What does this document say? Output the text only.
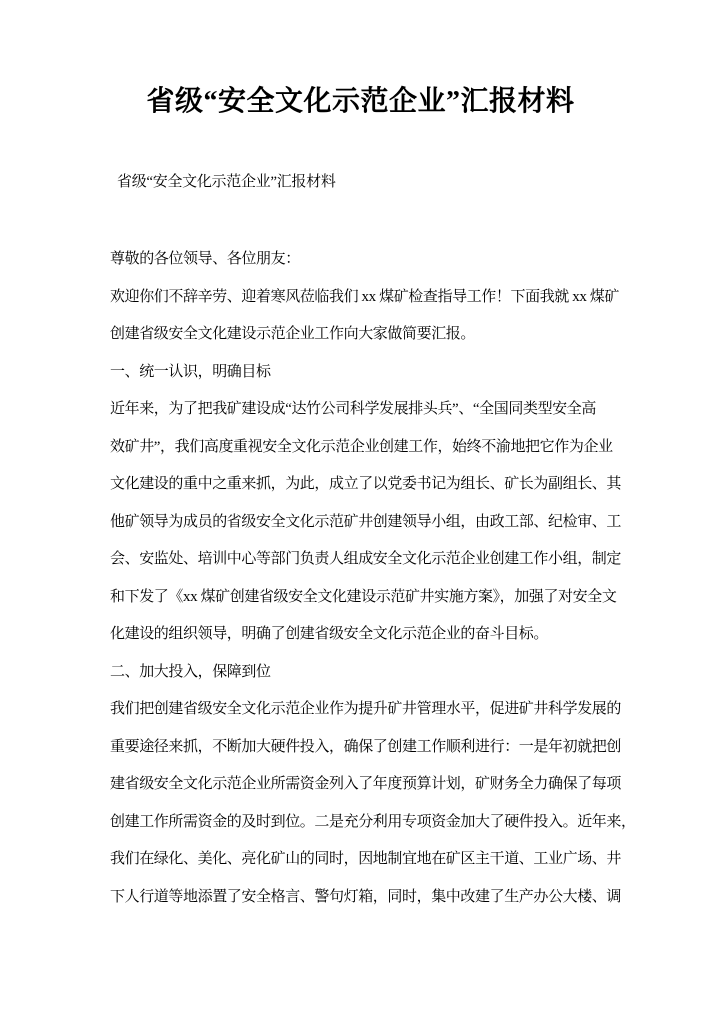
省级“安全文化示范企业”汇报材料
省级“安全文化示范企业”汇报材料
尊敬的各位领导、各位朋友：
欢迎你们不辞辛劳、迎着寒风莅临我们 xx 煤矿检查指导工作！下面我就 xx 煤矿
创建省级安全文化建设示范企业工作向大家做简要汇报。
一、统一认识，明确目标
近年来，为了把我矿建设成“达竹公司科学发展排头兵”、“全国同类型安全高
效矿井”，我们高度重视安全文化示范企业创建工作，始终不渝地把它作为企业
文化建设的重中之重来抓，为此，成立了以党委书记为组长、矿长为副组长、其
他矿领导为成员的省级安全文化示范矿井创建领导小组，由政工部、纪检审、工
会、安监处、培训中心等部门负责人组成安全文化示范企业创建工作小组，制定
和下发了《xx 煤矿创建省级安全文化建设示范矿井实施方案》，加强了对安全文
化建设的组织领导，明确了创建省级安全文化示范企业的奋斗目标。
二、加大投入，保障到位
我们把创建省级安全文化示范企业作为提升矿井管理水平，促进矿井科学发展的
重要途径来抓，不断加大硬件投入，确保了创建工作顺利进行：一是年初就把创
建省级安全文化示范企业所需资金列入了年度预算计划，矿财务全力确保了每项
创建工作所需资金的及时到位。二是充分利用专项资金加大了硬件投入。近年来，
我们在绿化、美化、亮化矿山的同时，因地制宜地在矿区主干道、工业广场、井
下人行道等地添置了安全格言、警句灯箱，同时，集中改建了生产办公大楼、调
